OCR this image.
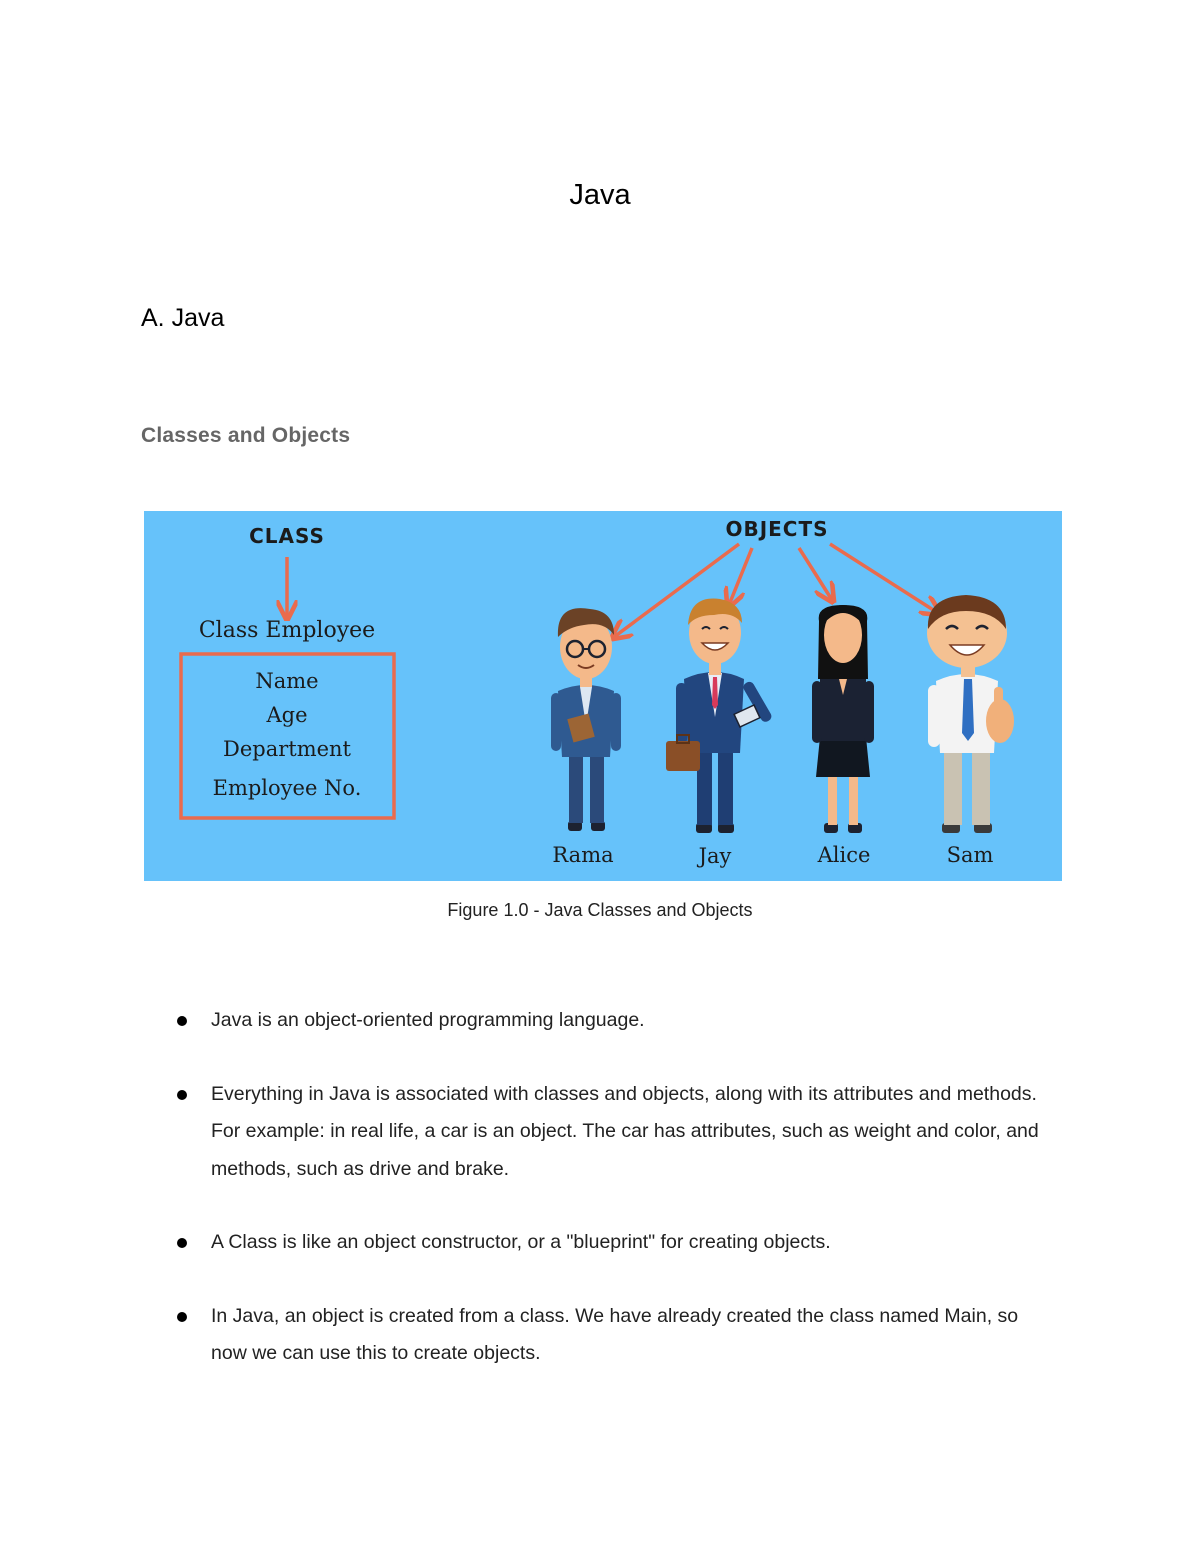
Java
A. Java
Classes and Objects
CLASS
Class Employee
Name
Age
Department
Employee No.
OBJECTS
Rama	Jay	Alice	Sam
Figure 1.0 - Java Classes and Objects
Java is an object-oriented programming language.
Everything in Java is associated with classes and objects, along with its attributes and methods. For example: in real life, a car is an object. The car has attributes, such as weight and color, and methods, such as drive and brake.
A Class is like an object constructor, or a "blueprint" for creating objects.
In Java, an object is created from a class. We have already created the class named Main, so now we can use this to create objects.
